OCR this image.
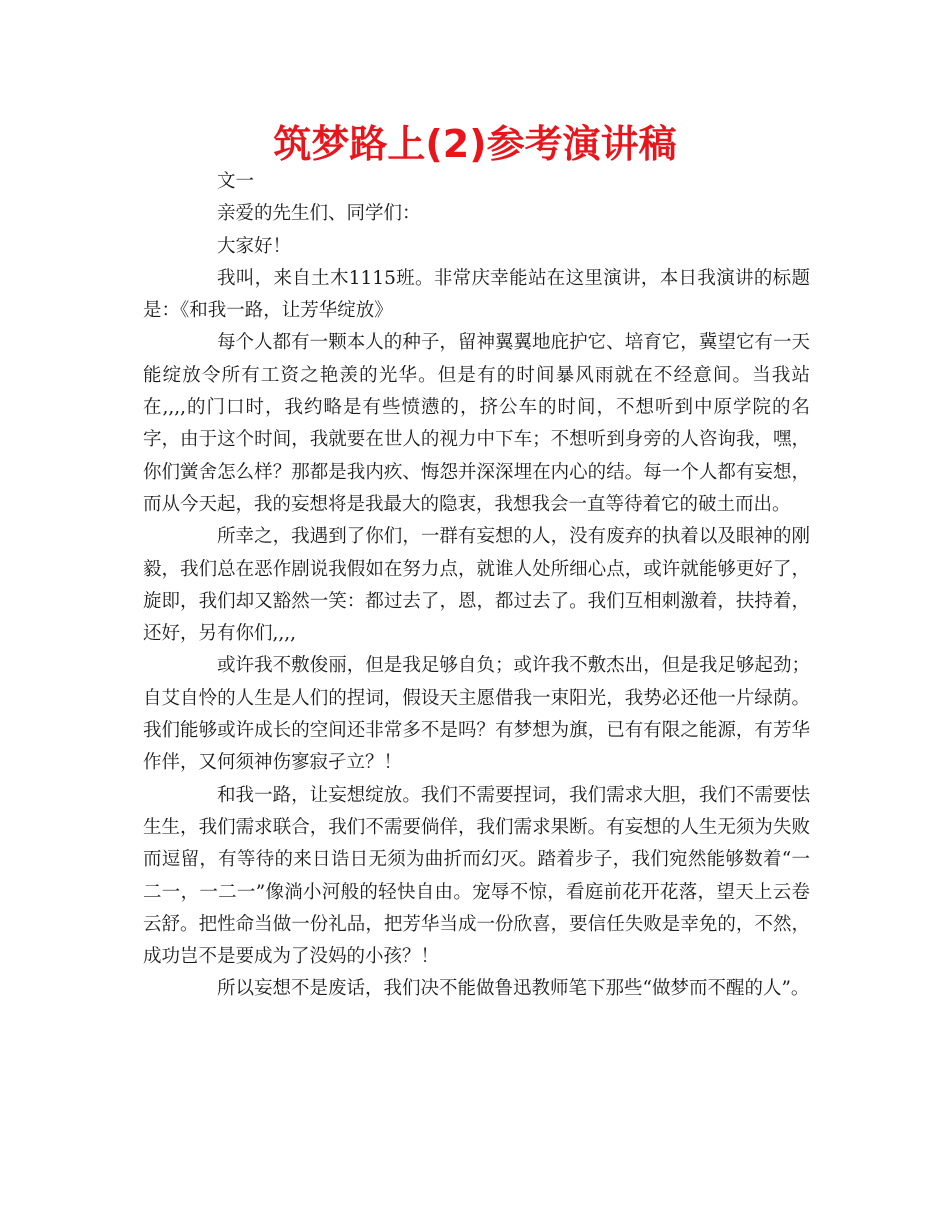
筑梦路上(2)参考演讲稿

文一

亲爱的先生们、同学们：

大家好！

我叫，来自土木1115班。非常庆幸能站在这里演讲，本日我演讲的标题是：《和我一路，让芳华绽放》

每个人都有一颗本人的种子，留神翼翼地庇护它、培育它，冀望它有一天能绽放令所有工资之艳羡的光华。但是有的时间暴风雨就在不经意间。当我站在,,,,的门口时，我约略是有些愤懑的，挤公车的时间，不想听到中原学院的名字，由于这个时间，我就要在世人的视力中下车；不想听到身旁的人咨询我，嘿，你们黉舍怎么样？那都是我内疚、悔怨并深深埋在内心的结。每一个人都有妄想，而从今天起，我的妄想将是我最大的隐衷，我想我会一直等待着它的破土而出。

所幸之，我遇到了你们，一群有妄想的人，没有废弃的执着以及眼神的刚毅，我们总在恶作剧说我假如在努力点，就谁人处所细心点，或许就能够更好了，旋即，我们却又豁然一笑：都过去了，恩，都过去了。我们互相刺激着，扶持着，还好，另有你们,,,,

或许我不敷俊丽，但是我足够自负；或许我不敷杰出，但是我足够起劲；自艾自怜的人生是人们的捏词，假设天主愿借我一束阳光，我势必还他一片绿荫。我们能够或许成长的空间还非常多不是吗？有梦想为旗，已有有限之能源，有芳华作伴，又何须神伤寥寂孑立？！

和我一路，让妄想绽放。我们不需要捏词，我们需求大胆，我们不需要怯生生，我们需求联合，我们不需要倘佯，我们需求果断。有妄想的人生无须为失败而逗留，有等待的来日诰日无须为曲折而幻灭。踏着步子，我们宛然能够数着“一二一，一二一”像淌小河般的轻快自由。宠辱不惊，看庭前花开花落，望天上云卷云舒。把性命当做一份礼品，把芳华当成一份欣喜，要信任失败是幸免的，不然，成功岂不是要成为了没妈的小孩？！

所以妄想不是废话，我们决不能做鲁迅教师笔下那些“做梦而不醒的人”。
